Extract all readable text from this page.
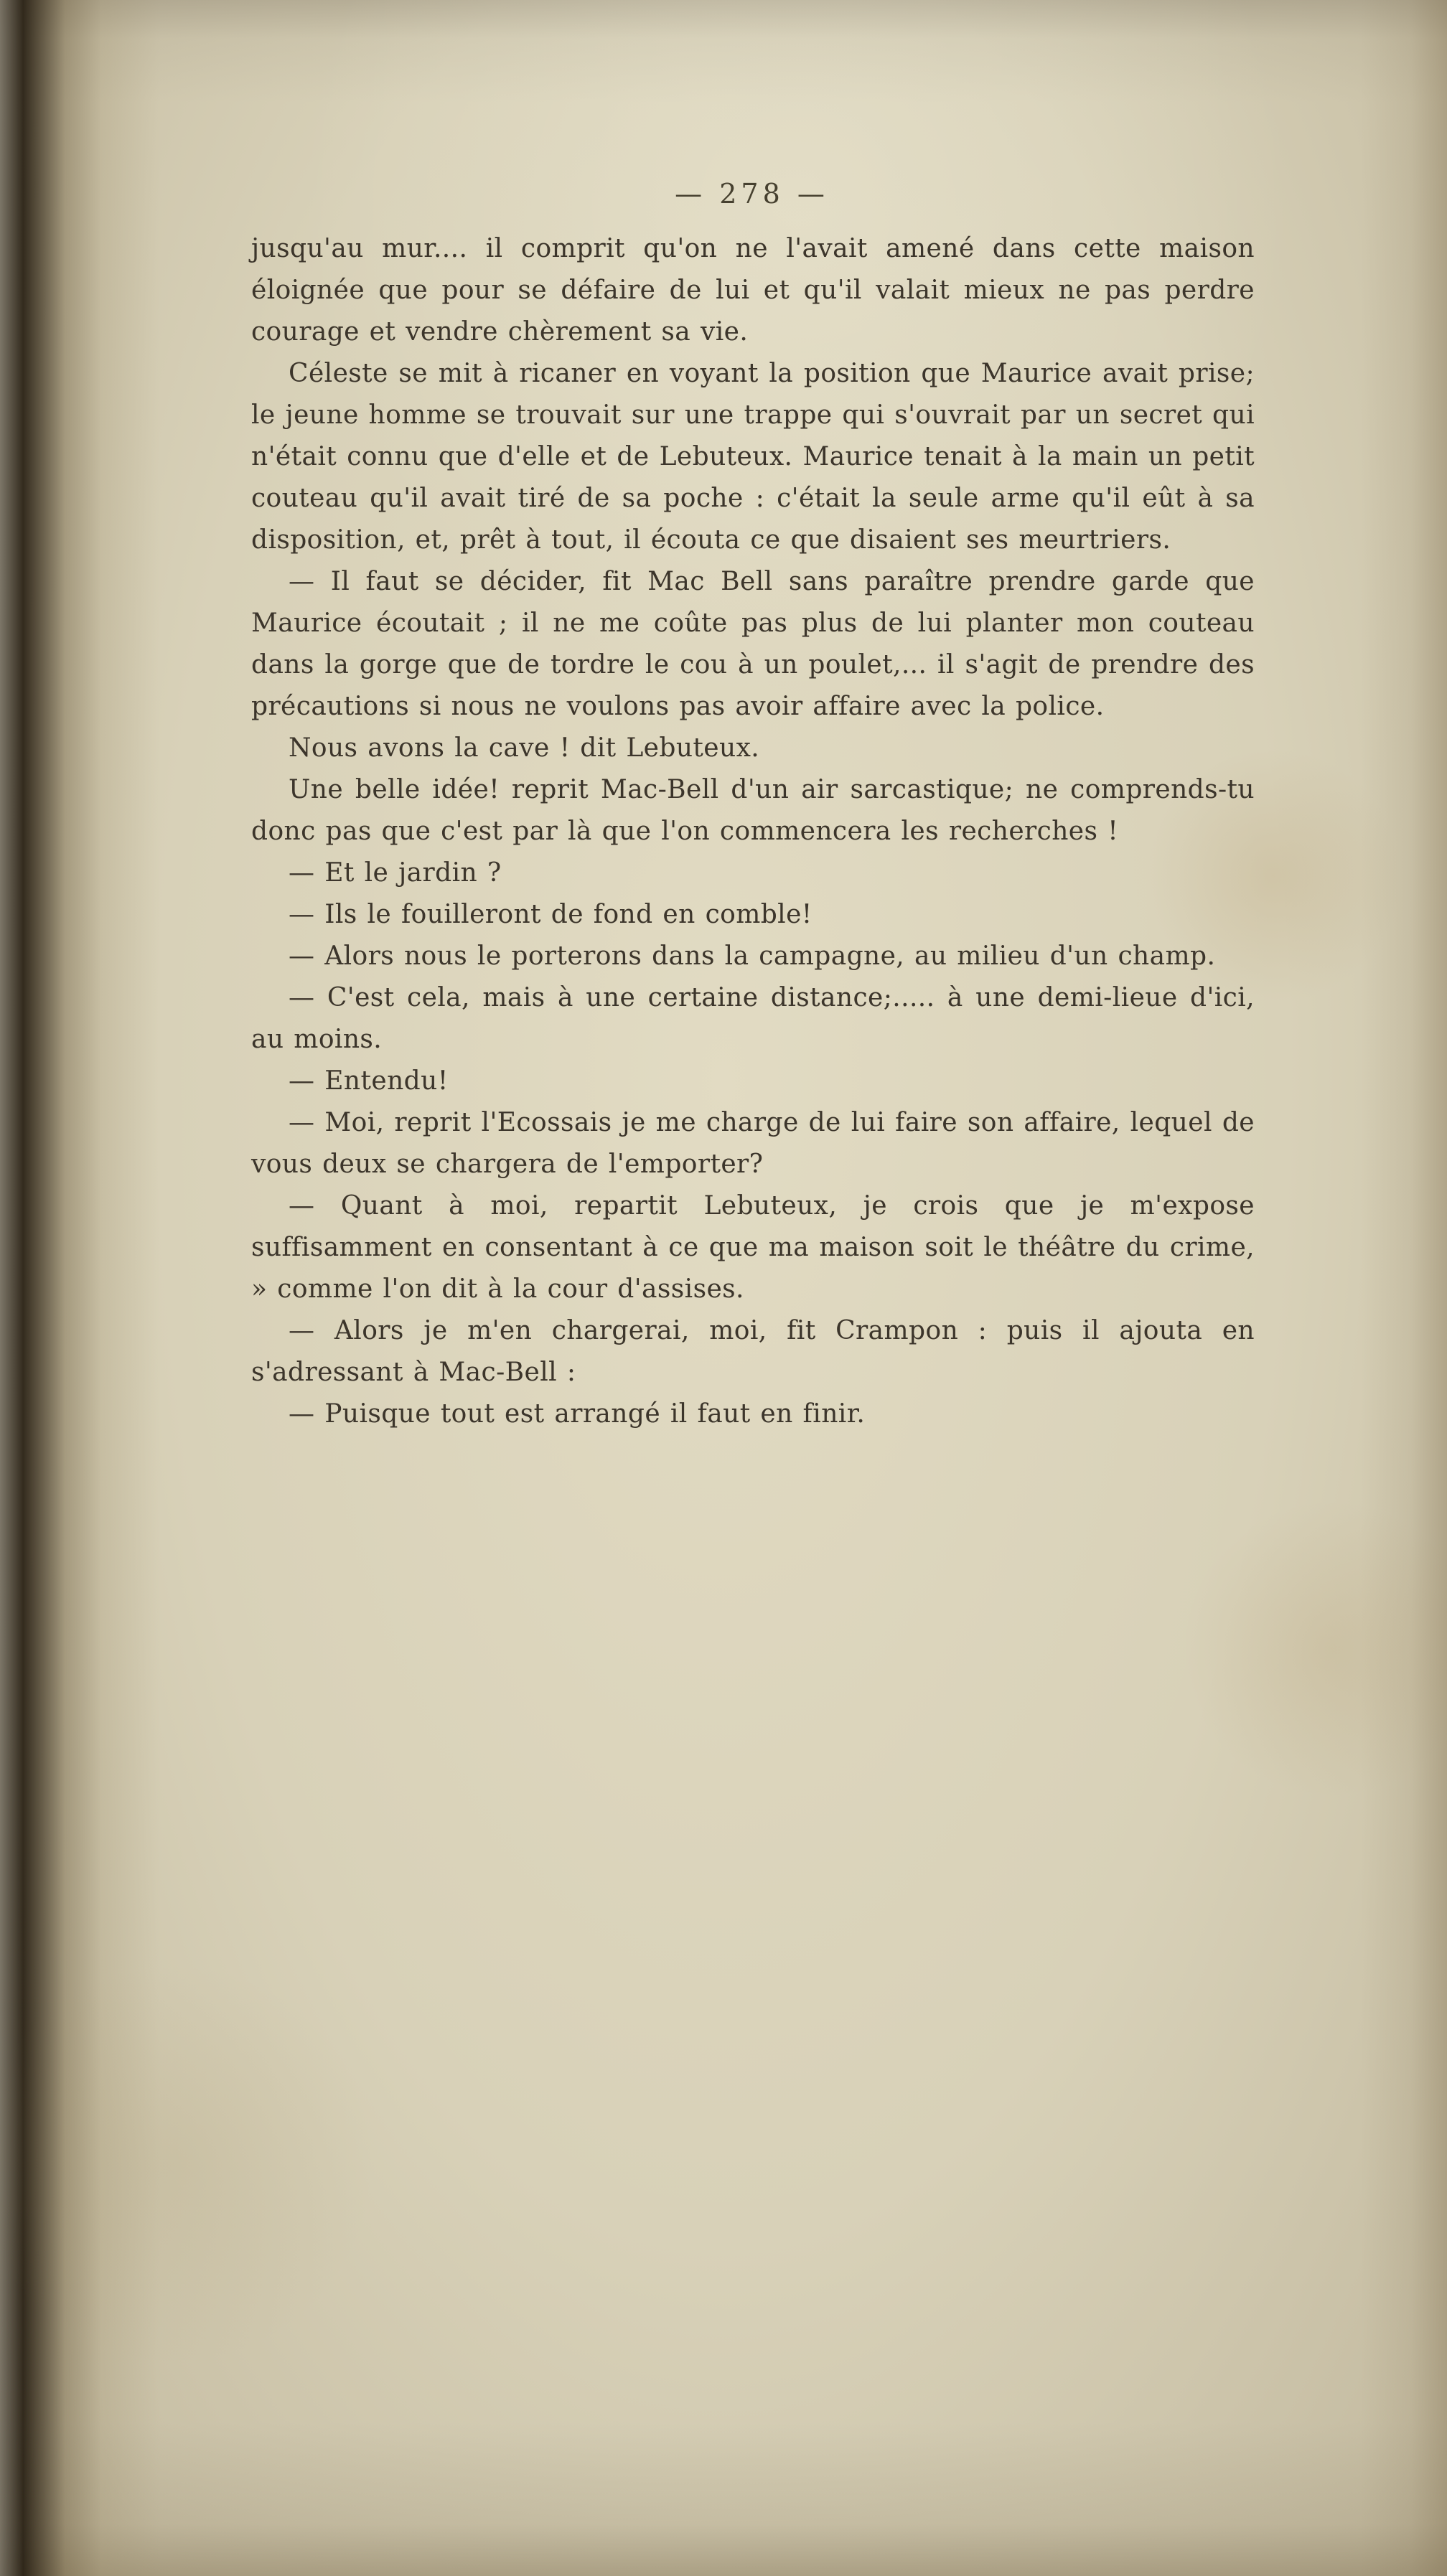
— 278 —

jusqu'au mur.... il comprit qu'on ne l'avait amené dans cette maison éloignée que pour se défaire de lui et qu'il valait mieux ne pas perdre courage et vendre chèrement sa vie.

Céleste se mit à ricaner en voyant la position que Maurice avait prise; le jeune homme se trouvait sur une trappe qui s'ouvrait par un secret qui n'était connu que d'elle et de Lebuteux. Maurice tenait à la main un petit couteau qu'il avait tiré de sa poche : c'était la seule arme qu'il eût à sa disposition, et, prêt à tout, il écouta ce que disaient ses meurtriers.

— Il faut se décider, fit Mac Bell sans paraître prendre garde que Maurice écoutait ; il ne me coûte pas plus de lui planter mon couteau dans la gorge que de tordre le cou à un poulet,... il s'agit de prendre des précautions si nous ne voulons pas avoir affaire avec la police.

Nous avons la cave ! dit Lebuteux.

Une belle idée! reprit Mac-Bell d'un air sarcastique; ne comprends-tu donc pas que c'est par là que l'on commencera les recherches !

— Et le jardin ?

— Ils le fouilleront de fond en comble!

— Alors nous le porterons dans la campagne, au milieu d'un champ.

— C'est cela, mais à une certaine distance;..... à une demi-lieue d'ici, au moins.

— Entendu!

— Moi, reprit l'Ecossais je me charge de lui faire son affaire, lequel de vous deux se chargera de l'emporter?

— Quant à moi, repartit Lebuteux, je crois que je m'expose suffisamment en consentant à ce que ma maison soit le théâtre du crime, » comme l'on dit à la cour d'assises.

— Alors je m'en chargerai, moi, fit Crampon : puis il ajouta en s'adressant à Mac-Bell :

— Puisque tout est arrangé il faut en finir.
